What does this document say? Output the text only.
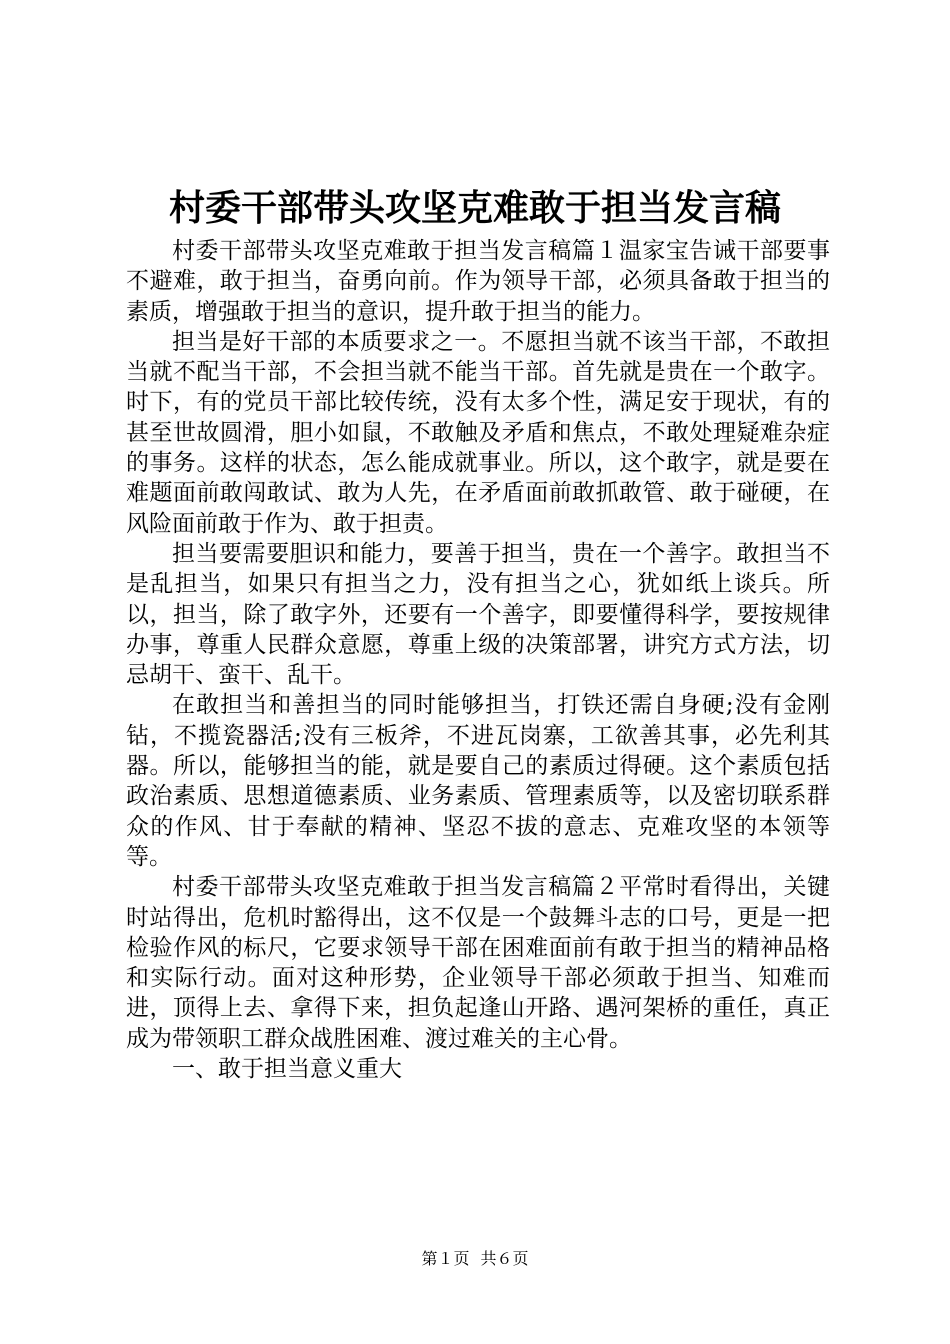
村委干部带头攻坚克难敢于担当发言稿

村委干部带头攻坚克难敢于担当发言稿篇１温家宝告诫干部要事不避难，敢于担当，奋勇向前。作为领导干部，必须具备敢于担当的素质，增强敢于担当的意识，提升敢于担当的能力。

担当是好干部的本质要求之一。不愿担当就不该当干部，不敢担当就不配当干部，不会担当就不能当干部。首先就是贵在一个敢字。时下，有的党员干部比较传统，没有太多个性，满足安于现状，有的甚至世故圆滑，胆小如鼠，不敢触及矛盾和焦点，不敢处理疑难杂症的事务。这样的状态，怎么能成就事业。所以，这个敢字，就是要在难题面前敢闯敢试、敢为人先，在矛盾面前敢抓敢管、敢于碰硬，在风险面前敢于作为、敢于担责。

担当要需要胆识和能力，要善于担当，贵在一个善字。敢担当不是乱担当，如果只有担当之力，没有担当之心，犹如纸上谈兵。所以，担当，除了敢字外，还要有一个善字，即要懂得科学，要按规律办事，尊重人民群众意愿，尊重上级的决策部署，讲究方式方法，切忌胡干、蛮干、乱干。

在敢担当和善担当的同时能够担当，打铁还需自身硬;没有金刚钻，不揽瓷器活;没有三板斧，不进瓦岗寨，工欲善其事，必先利其器。所以，能够担当的能，就是要自己的素质过得硬。这个素质包括政治素质、思想道德素质、业务素质、管理素质等，以及密切联系群众的作风、甘于奉献的精神、坚忍不拔的意志、克难攻坚的本领等等。

村委干部带头攻坚克难敢于担当发言稿篇２平常时看得出，关键时站得出，危机时豁得出，这不仅是一个鼓舞斗志的口号，更是一把检验作风的标尺，它要求领导干部在困难面前有敢于担当的精神品格和实际行动。面对这种形势，企业领导干部必须敢于担当、知难而进，顶得上去、拿得下来，担负起逢山开路、遇河架桥的重任，真正成为带领职工群众战胜困难、渡过难关的主心骨。

一、敢于担当意义重大

第１页 共６页
